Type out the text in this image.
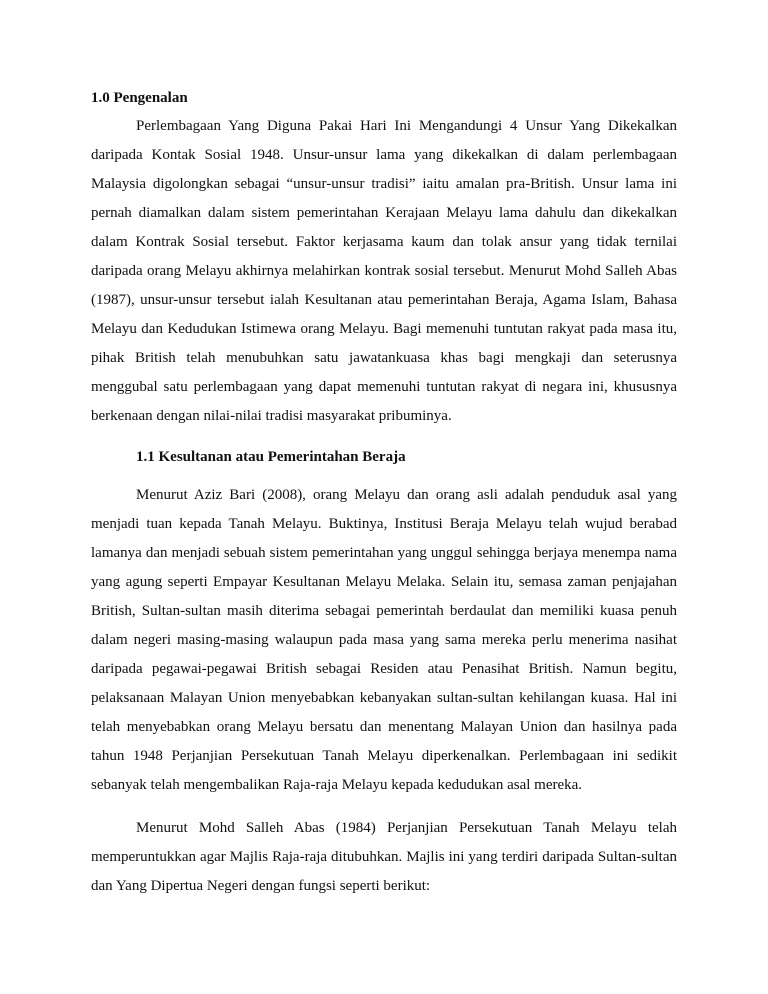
1.0 Pengenalan

Perlembagaan Yang Diguna Pakai Hari Ini Mengandungi 4 Unsur Yang Dikekalkan daripada Kontak Sosial 1948. Unsur-unsur lama yang dikekalkan di dalam perlembagaan Malaysia digolongkan sebagai “unsur-unsur tradisi” iaitu amalan pra-British. Unsur lama ini pernah diamalkan dalam sistem pemerintahan Kerajaan Melayu lama dahulu dan dikekalkan dalam Kontrak Sosial tersebut. Faktor kerjasama kaum dan tolak ansur yang tidak ternilai daripada orang Melayu akhirnya melahirkan kontrak sosial tersebut. Menurut Mohd Salleh Abas (1987), unsur-unsur tersebut ialah Kesultanan atau pemerintahan Beraja, Agama Islam, Bahasa Melayu dan Kedudukan Istimewa orang Melayu. Bagi memenuhi tuntutan rakyat pada masa itu, pihak British telah menubuhkan satu jawatankuasa khas bagi mengkaji dan seterusnya menggubal satu perlembagaan yang dapat memenuhi tuntutan rakyat di negara ini, khususnya berkenaan dengan nilai-nilai tradisi masyarakat pribuminya.

1.1 Kesultanan atau Pemerintahan Beraja

Menurut Aziz Bari (2008), orang Melayu dan orang asli adalah penduduk asal yang menjadi tuan kepada Tanah Melayu. Buktinya, Institusi Beraja Melayu telah wujud berabad lamanya dan menjadi sebuah sistem pemerintahan yang unggul sehingga berjaya menempa nama yang agung seperti Empayar Kesultanan Melayu Melaka. Selain itu, semasa zaman penjajahan British, Sultan-sultan masih diterima sebagai pemerintah berdaulat dan memiliki kuasa penuh dalam negeri masing-masing walaupun pada masa yang sama mereka perlu menerima nasihat daripada pegawai-pegawai British sebagai Residen atau Penasihat British. Namun begitu, pelaksanaan Malayan Union menyebabkan kebanyakan sultan-sultan kehilangan kuasa. Hal ini telah menyebabkan orang Melayu bersatu dan menentang Malayan Union dan hasilnya pada tahun 1948 Perjanjian Persekutuan Tanah Melayu diperkenalkan. Perlembagaan ini sedikit sebanyak telah mengembalikan Raja-raja Melayu kepada kedudukan asal mereka.

Menurut Mohd Salleh Abas (1984) Perjanjian Persekutuan Tanah Melayu telah memperuntukkan agar Majlis Raja-raja ditubuhkan. Majlis ini yang terdiri daripada Sultan-sultan dan Yang Dipertua Negeri dengan fungsi seperti berikut:
